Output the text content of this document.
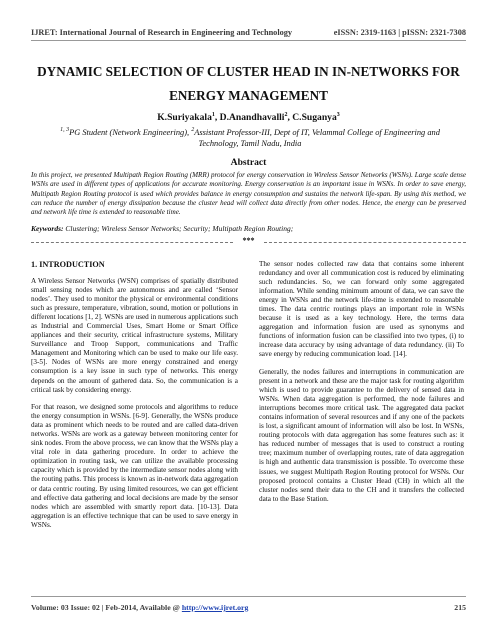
IJRET: International Journal of Research in Engineering and Technology	eISSN: 2319-1163 | pISSN: 2321-7308
DYNAMIC SELECTION OF CLUSTER HEAD IN IN-NETWORKS FOR
ENERGY MANAGEMENT
K.Suriyakala$^1$, D.Anandhavalli$^2$, C.Suganya$^3$
$^{1, 3}$PG Student (Network Engineering), $^2$Assistant Professor-III, Dept of IT, Velammal College of Engineering and Technology, Tamil Nadu, India
Abstract
In this project, we presented Multipath Region Routing (MRR) protocol for energy conservation in Wireless Sensor Networks (WSNs). Large scale dense WSNs are used in different types of applications for accurate monitoring. Energy conservation is an important issue in WSNs. In order to save energy, Multipath Region Routing protocol is used which provides balance in energy consumption and sustains the network life-span. By using this method, we can reduce the number of energy dissipation because the cluster head will collect data directly from other nodes. Hence, the energy can be preserved and network life time is extended to reasonable time.
Keywords: Clustering; Wireless Sensor Networks; Security; Multipath Region Routing;
***
1. INTRODUCTION

A Wireless Sensor Networks (WSN) comprises of spatially distributed small sensing nodes which are autonomous and are called ‘Sensor nodes’. They used to monitor the physical or environmental conditions such as pressure, temperature, vibration, sound, motion or pollutions in different locations [1, 2]. WSNs are used in numerous applications such as Industrial and Commercial Uses, Smart Home or Smart Office appliances and their security, critical infrastructure systems, Military Surveillance and Troop Support, communications and Traffic Management and Monitoring which can be used to make our life easy. [3-5]. Nodes of WSNs are more energy constrained and energy consumption is a key issue in such type of networks. This energy depends on the amount of gathered data. So, the communication is a critical task by considering energy.

For that reason, we designed some protocols and algorithms to reduce the energy consumption in WSNs. [6-9]. Generally, the WSNs produce data as prominent which needs to be routed and are called data-driven networks. WSNs are work as a gateway between monitoring center for sink nodes. From the above process, we can know that the WSNs play a vital role in data gathering procedure. In order to achieve the optimization in routing task, we can utilize the available processing capacity which is provided by the intermediate sensor nodes along with the routing paths. This process is known as in-network data aggregation or data centric routing. By using limited resources, we can get efficient and effective data gathering and local decisions are made by the sensor nodes which are assembled with smartly report data. [10-13]. Data aggregation is an effective technique that can be used to save energy in WSNs.

The sensor nodes collected raw data that contains some inherent redundancy and over all communication cost is reduced by eliminating such redundancies. So, we can forward only some aggregated information. While sending minimum amount of data, we can save the energy in WSNs and the network life-time is extended to reasonable times. The data centric routings plays an important role in WSNs because it is used as a key technology. Here, the terms data aggregation and information fusion are used as synonyms and functions of information fusion can be classified into two types, (i) to increase data accuracy by using advantage of data redundancy. (ii) To save energy by reducing communication load. [14].

Generally, the nodes failures and interruptions in communication are present in a network and these are the major task for routing algorithm which is used to provide guarantee to the delivery of sensed data in WSNs. When data aggregation is performed, the node failures and interruptions becomes more critical task. The aggregated data packet contains information of several resources and if any one of the packets is lost, a significant amount of information will also be lost. In WSNs, routing protocols with data aggregation has some features such as: it has reduced number of messages that is used to construct a routing tree; maximum number of overlapping routes, rate of data aggregation is high and authentic data transmission is possible. To overcome these issues, we suggest Multipath Region Routing protocol for WSNs. Our proposed protocol contains a Cluster Head (CH) in which all the cluster nodes send their data to the CH and it transfers the collected data to the Base Station.

Volume: 03 Issue: 02 | Feb-2014, Available @ http://www.ijret.org	215
